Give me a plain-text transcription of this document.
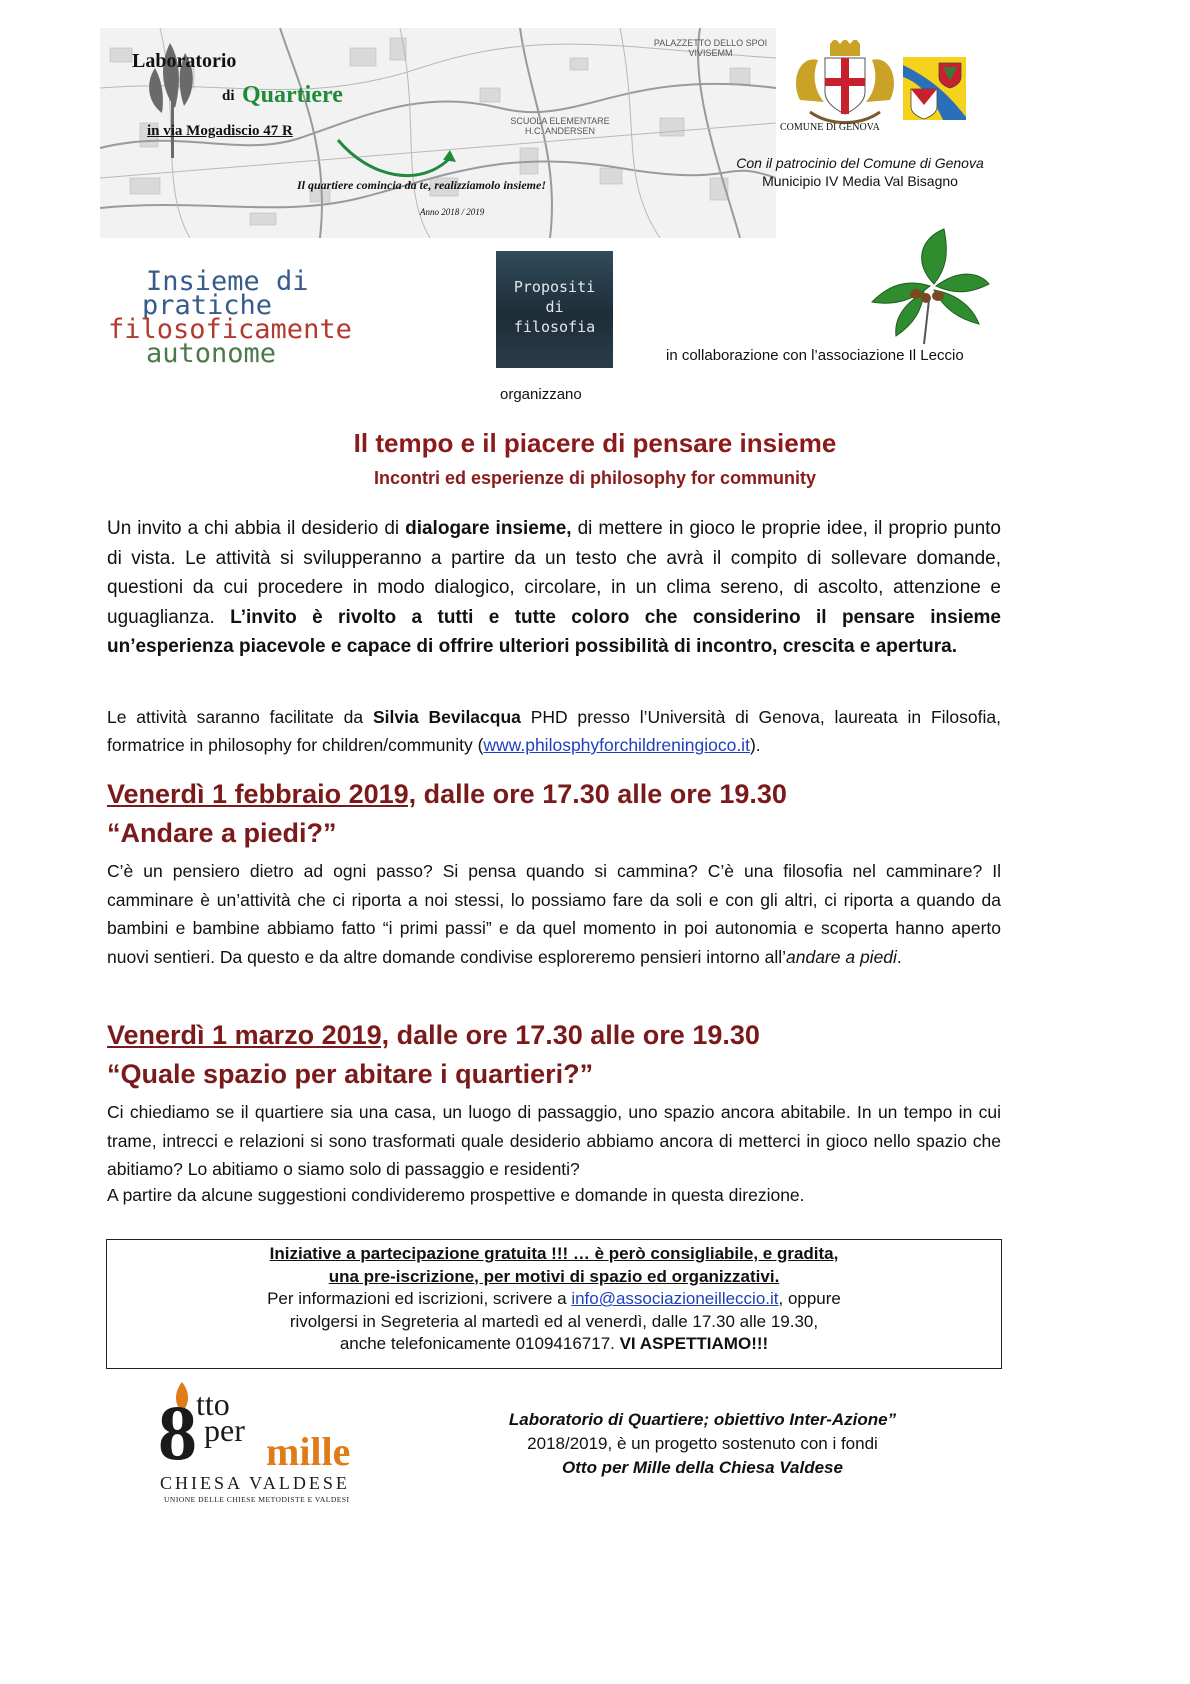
Laboratorio
di Quartiere
in via Mogadiscio 47 R
Il quartiere comincia da te, realizziamolo insieme!
Anno 2018 / 2019
SCUOLA ELEMENTARE
H.C. ANDERSEN
PALAZZETTO DELLO SPOI
VIVISEMM
COMUNE DI GENOVA
Con il patrocinio del Comune di Genova
Municipio IV Media Val Bisagno
Insieme di
pratiche
filosoficamente
autonome
Propositi
di
filosofia
in collaborazione con l’associazione Il Leccio
organizzano
Il tempo e il piacere di pensare insieme
Incontri ed esperienze di philosophy for community
Un invito a chi abbia il desiderio di dialogare insieme, di mettere in gioco le proprie idee, il proprio punto di vista. Le attività si svilupperanno a partire da un testo che avrà il compito di sollevare domande, questioni da cui procedere in modo dialogico, circolare, in un clima sereno, di ascolto, attenzione e uguaglianza. L’invito è rivolto a tutti e tutte coloro che considerino il pensare insieme un’esperienza piacevole e capace di offrire ulteriori possibilità di incontro, crescita e apertura.
Le attività saranno facilitate da Silvia Bevilacqua PHD presso l’Università di Genova, laureata in Filosofia, formatrice in philosophy for children/community (www.philosphyforchildreningioco.it).
Venerdì 1 febbraio 2019, dalle ore 17.30 alle ore 19.30
“Andare a piedi?”
C’è un pensiero dietro ad ogni passo? Si pensa quando si cammina? C’è una filosofia nel camminare? Il camminare è un’attività che ci riporta a noi stessi, lo possiamo fare da soli e con gli altri, ci riporta a quando da bambini e bambine abbiamo fatto “i primi passi” e da quel momento in poi autonomia e scoperta hanno aperto nuovi sentieri. Da questo e da altre domande condivise esploreremo pensieri intorno all’andare a piedi.
Venerdì 1 marzo 2019, dalle ore 17.30 alle ore 19.30
“Quale spazio per abitare i quartieri?”
Ci chiediamo se il quartiere sia una casa, un luogo di passaggio, uno spazio ancora abitabile. In un tempo in cui trame, intrecci e relazioni si sono trasformati quale desiderio abbiamo ancora di metterci in gioco nello spazio che abitiamo? Lo abitiamo o siamo solo di passaggio e residenti?
A partire da alcune suggestioni condivideremo prospettive e domande in questa direzione.
Iniziative a partecipazione gratuita !!! … è però consigliabile, e gradita,
una pre-iscrizione, per motivi di spazio ed organizzativi.
Per informazioni ed iscrizioni, scrivere a info@associazioneilleccio.it, oppure
rivolgersi in Segreteria al martedì ed al venerdì, dalle 17.30 alle 19.30,
anche telefonicamente 0109416717. VI ASPETTIAMO!!!
8 tto
per mille
CHIESA VALDESE
UNIONE DELLE CHIESE METODISTE E VALDESI
Laboratorio di Quartiere; obiettivo Inter-Azione”
2018/2019, è un progetto sostenuto con i fondi
Otto per Mille della Chiesa Valdese
